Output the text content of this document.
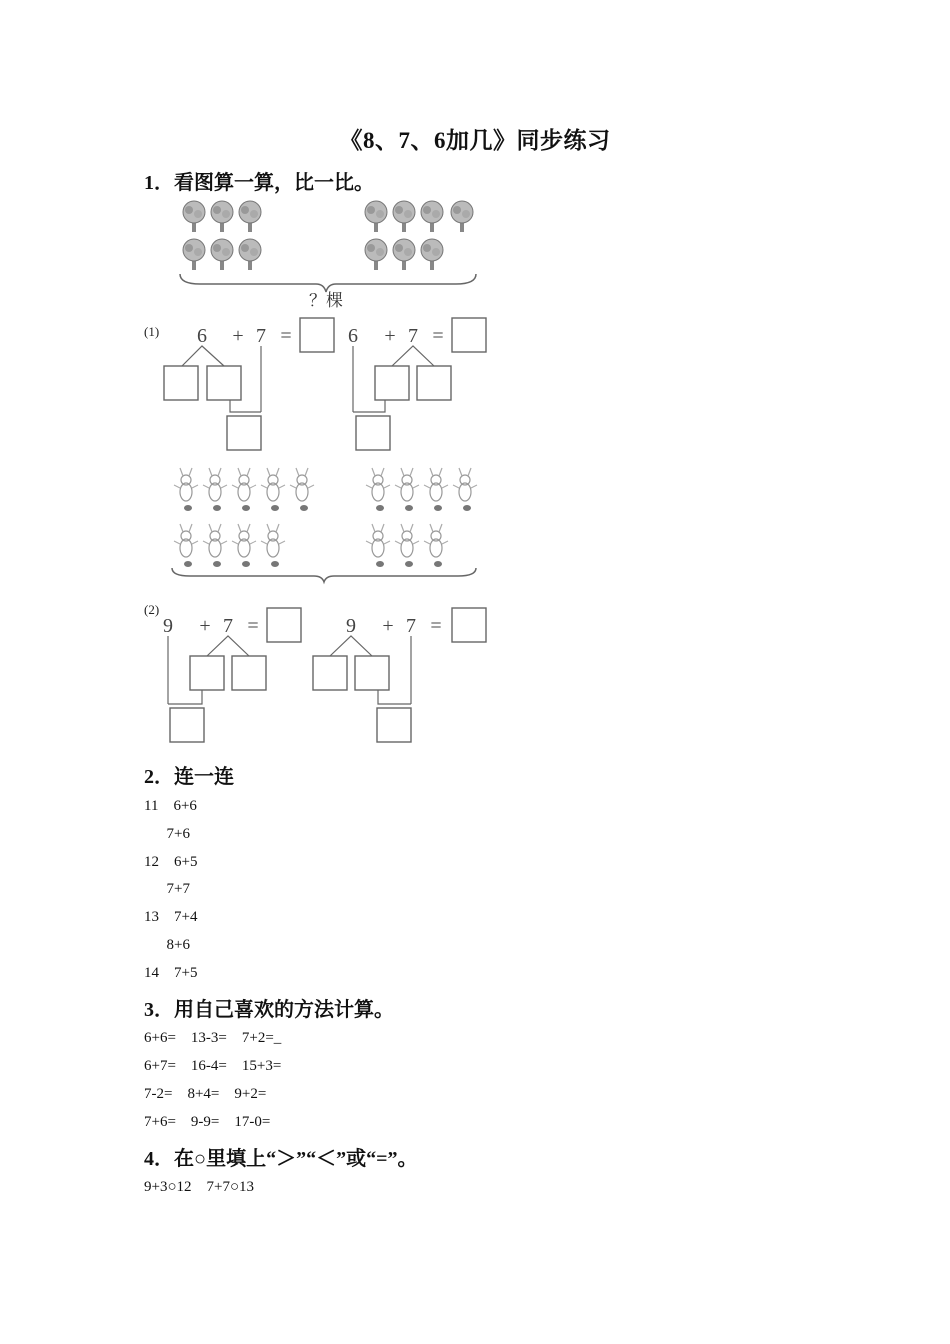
《8、7、6加几》同步练习
1．看图算一算，比一比。
？棵
(1) 6 + 7 =	6 + 7 =
(2)
9 + 7 =	9 + 7 =
2．连一连
11    6+6
7+6
12    6+5
7+7
13    7+4
8+6
14    7+5
3．用自己喜欢的方法计算。
6+6=    13-3=    7+2=_
6+7=    16-4=    15+3=
7-2=    8+4=    9+2=
7+6=    9-9=    17-0=
4．在○里填上“＞”“＜”或“=”。
9+3○12    7+7○13
